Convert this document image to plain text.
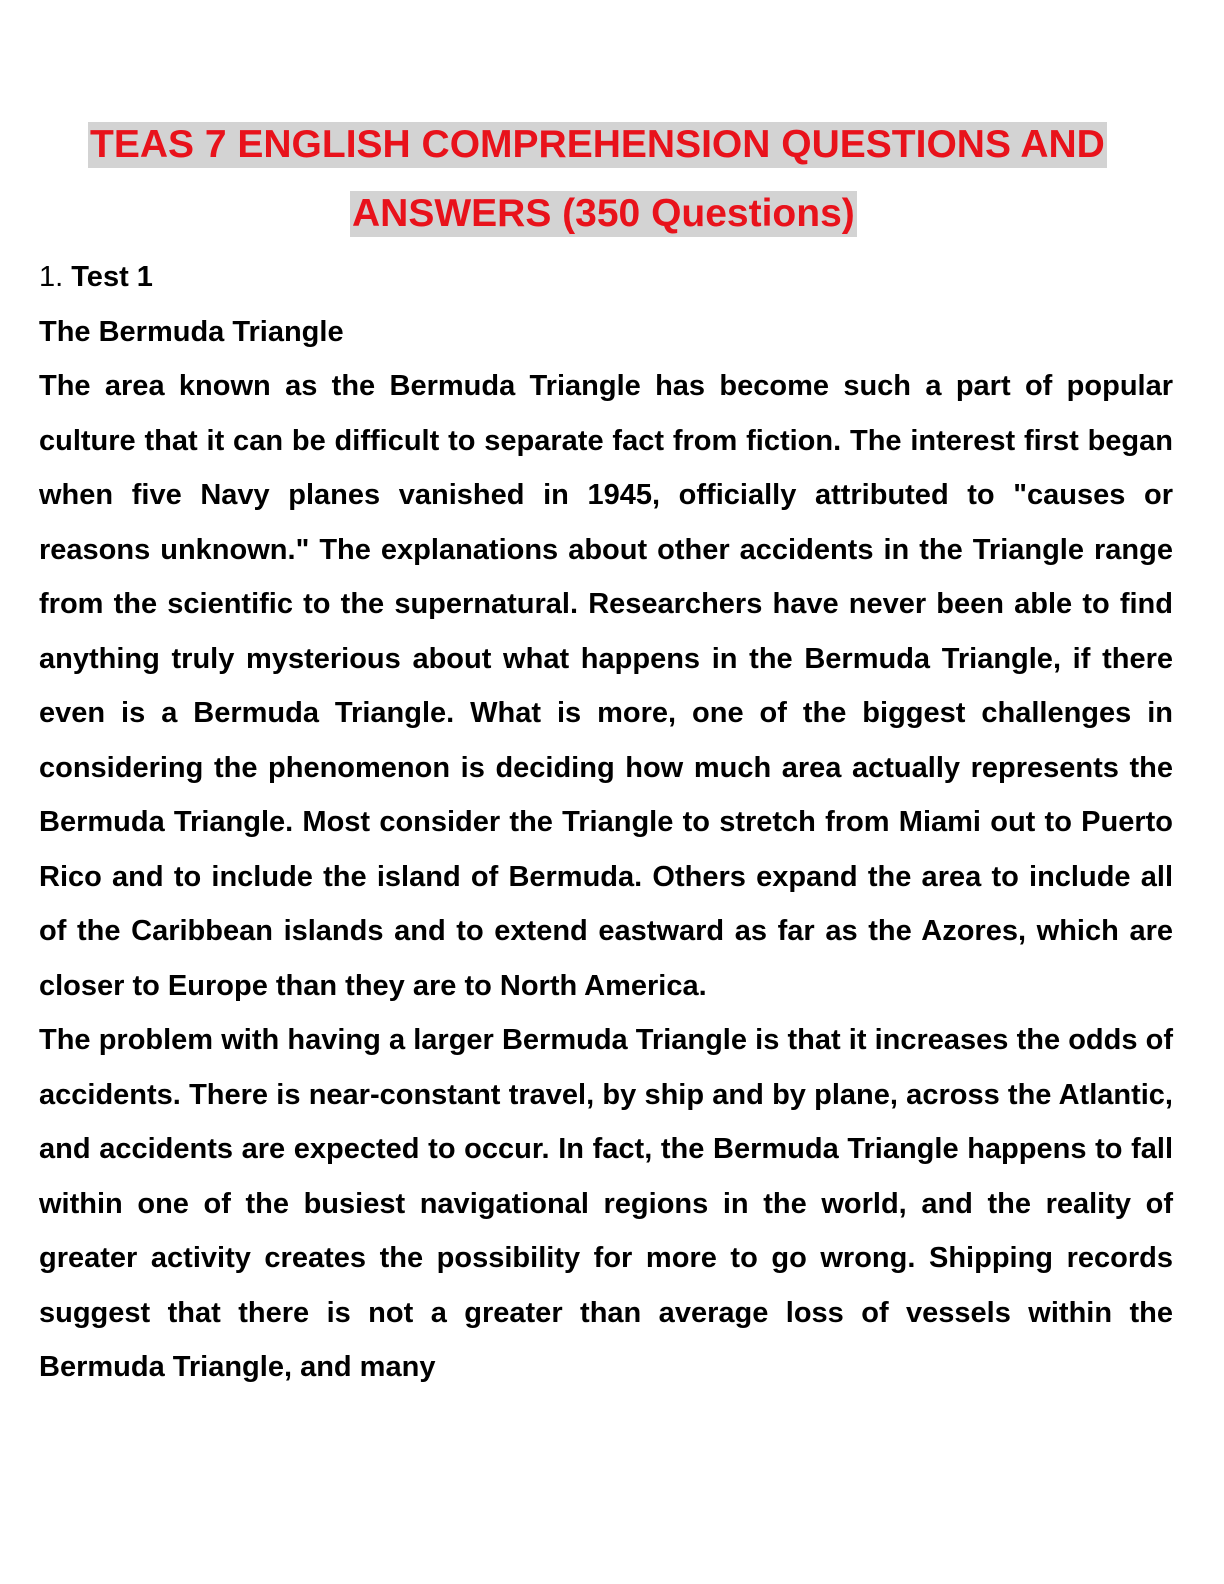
TEAS 7 ENGLISH COMPREHENSION QUESTIONS AND
ANSWERS (350 Questions)
1. Test 1
The Bermuda Triangle

The area known as the Bermuda Triangle has become such a part of popular culture that it can be difficult to separate fact from fiction. The interest first began when five Navy planes vanished in 1945, officially attributed to "causes or reasons unknown." The explanations about other accidents in the Triangle range from the scientific to the supernatural. Researchers have never been able to find anything truly mysterious about what happens in the Bermuda Triangle, if there even is a Bermuda Triangle. What is more, one of the biggest challenges in considering the phenomenon is deciding how much area actually represents the Bermuda Triangle. Most consider the Triangle to stretch from Miami out to Puerto Rico and to include the island of Bermuda. Others expand the area to include all of the Caribbean islands and to extend eastward as far as the Azores, which are closer to Europe than they are to North America.

The problem with having a larger Bermuda Triangle is that it increases the odds of accidents. There is near-constant travel, by ship and by plane, across the Atlantic, and accidents are expected to occur. In fact, the Bermuda Triangle happens to fall within one of the busiest navigational regions in the world, and the reality of greater activity creates the possibility for more to go wrong. Shipping records suggest that there is not a greater than average loss of vessels within the Bermuda Triangle, and many
